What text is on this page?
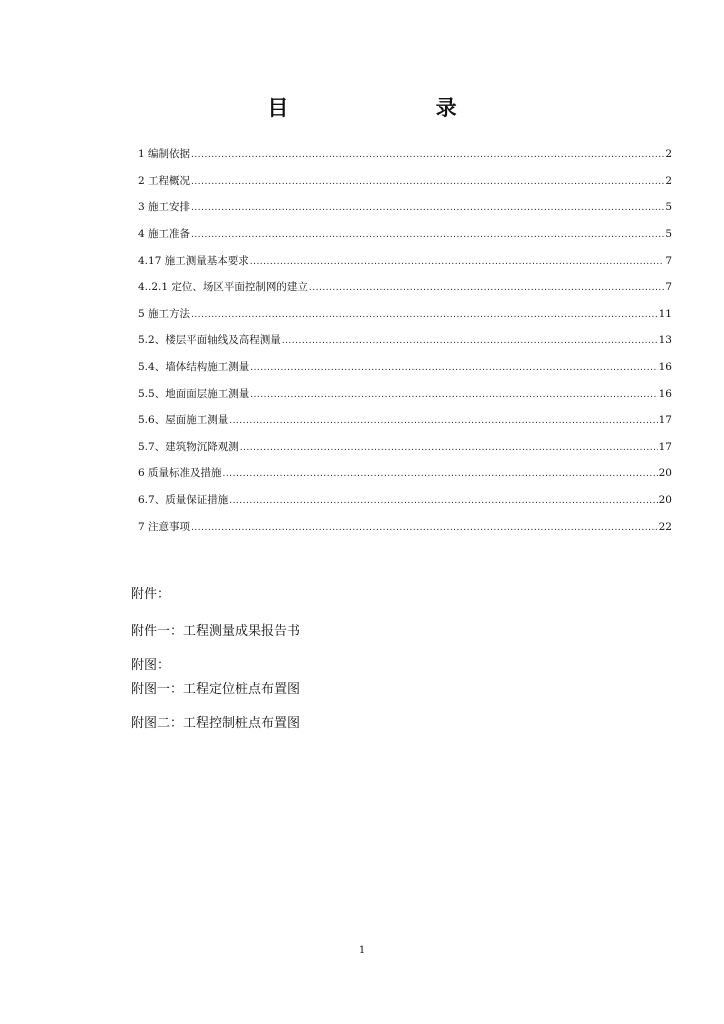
目 录
1 编制依据 .....	2
2 工程概况 .....	2
3 施工安排 .....	5
4 施工准备 .....	5
4.17 施工测量基本要求 .....	7
4..2.1 定位、场区平面控制网的建立 .....	7
5 施工方法 .....	11
5.2、楼层平面轴线及高程测量 .....	13
5.4、墙体结构施工测量 .....	16
5.5、地面面层施工测量 .....	16
5.6、屋面施工测量 .....	17
5.7、建筑物沉降观测 .....	17
6 质量标准及措施 .....	20
6.7、质量保证措施 .....	20
7 注意事项 .....	22
附件：
附件一：工程测量成果报告书
附图：
附图一：工程定位桩点布置图
附图二：工程控制桩点布置图
1
